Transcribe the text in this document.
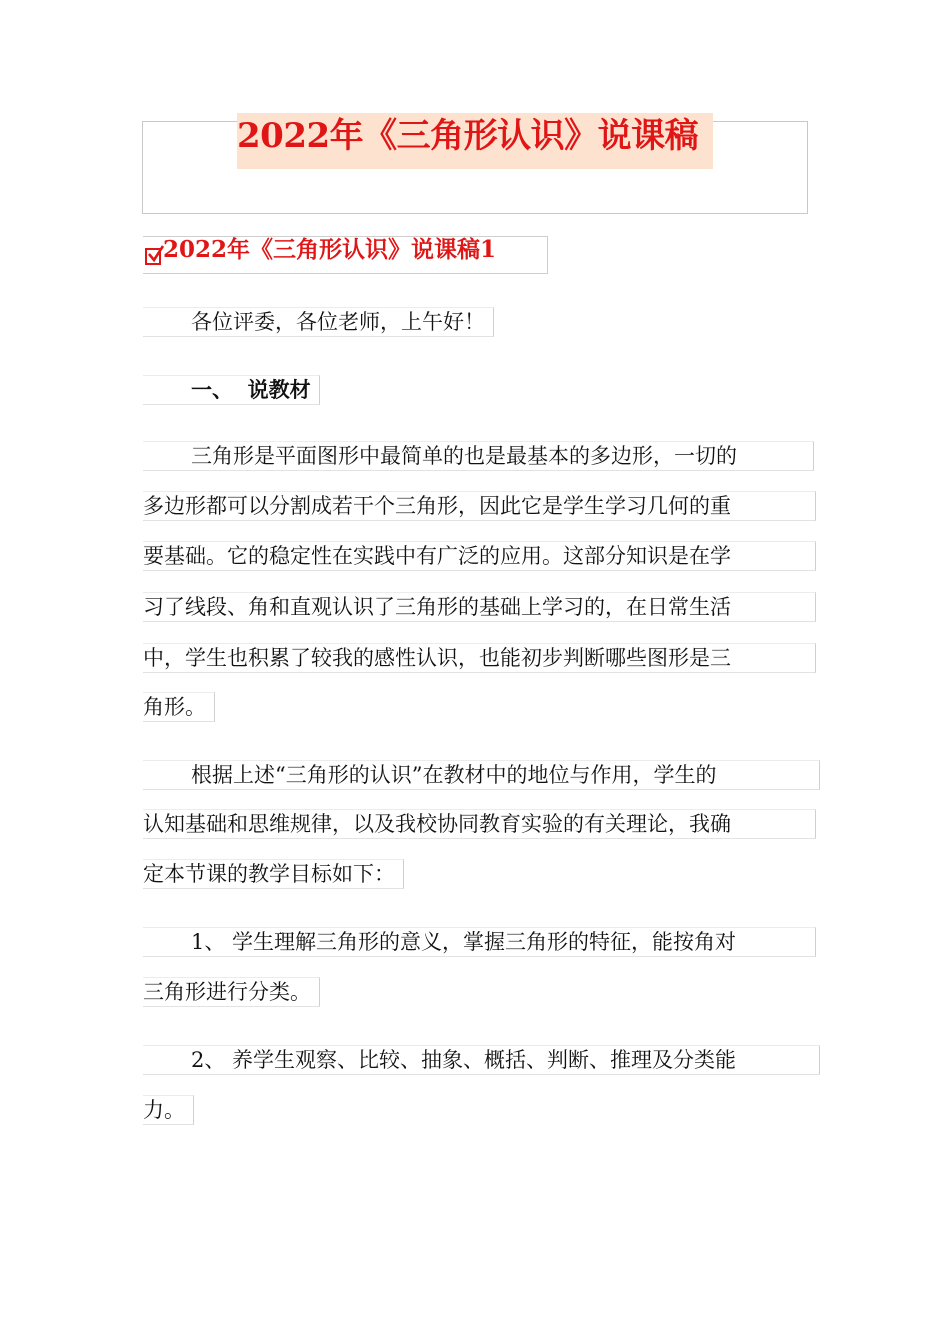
2022年《三角形认识》说课稿
2022年《三角形认识》说课稿1
各位评委，各位老师，上午好！
一、  说教材
三角形是平面图形中最简单的也是最基本的多边形，一切的
多边形都可以分割成若干个三角形，因此它是学生学习几何的重
要基础。它的稳定性在实践中有广泛的应用。这部分知识是在学
习了线段、角和直观认识了三角形的基础上学习的，在日常生活
中，学生也积累了较我的感性认识，也能初步判断哪些图形是三
角形。
根据上述“三角形的认识”在教材中的地位与作用，学生的
认知基础和思维规律，以及我校协同教育实验的有关理论，我确
定本节课的教学目标如下：
1、 学生理解三角形的意义，掌握三角形的特征，能按角对
三角形进行分类。
2、 养学生观察、比较、抽象、概括、判断、推理及分类能
力。
